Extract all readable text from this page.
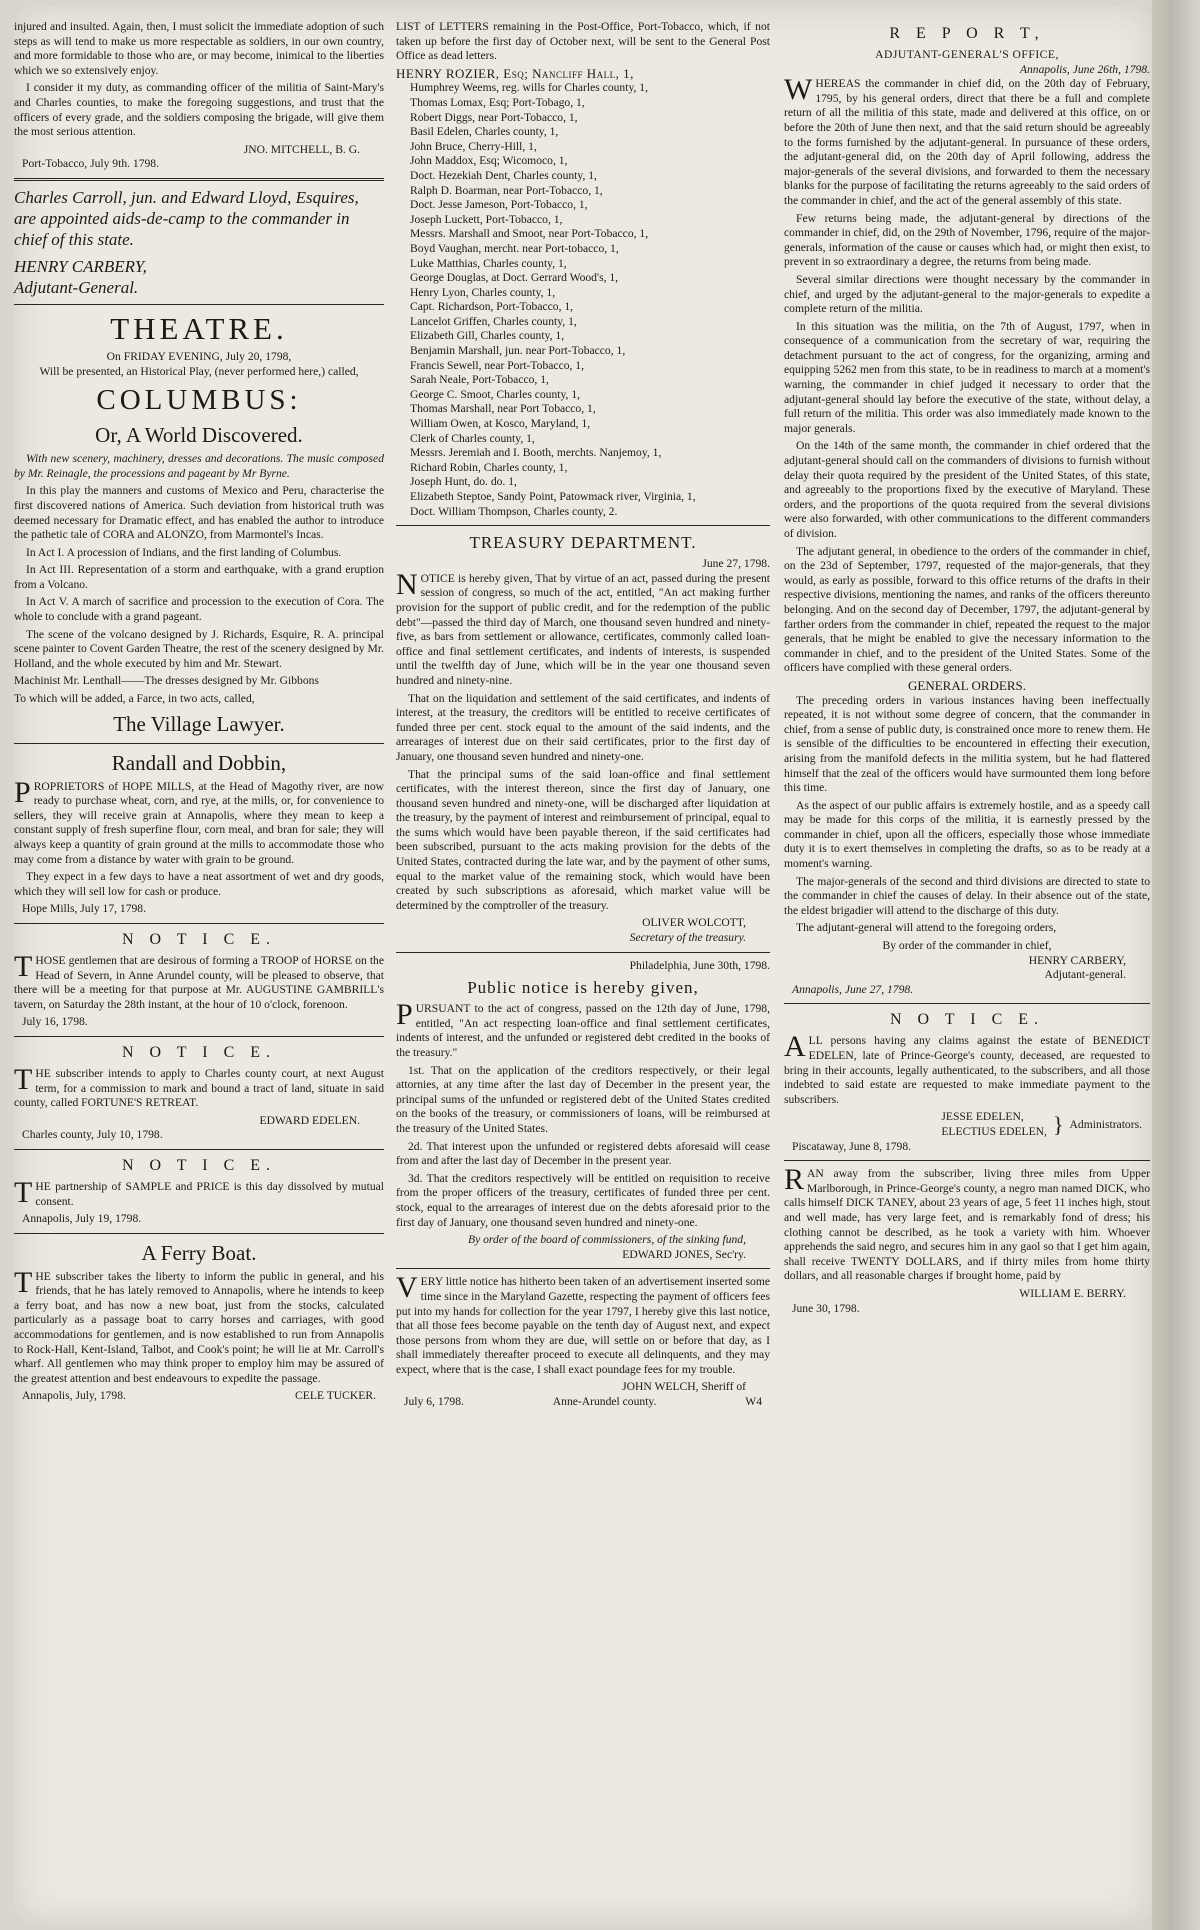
injured and insulted. Again, then, I must solicit the immediate adoption of such steps as will tend to make us more respectable as soldiers, in our own country, and more formidable to those who are, or may become, inimical to the liberties which we so extensively enjoy.

I consider it my duty, as commanding officer of the militia of Saint-Mary's and Charles counties, to make the foregoing suggestions, and trust that the officers of every grade, and the soldiers composing the brigade, will give them the most serious attention.

JNO. MITCHELL, B. G.
Port-Tobacco, July 9th. 1798.
Charles Carroll, jun. and Edward Lloyd, Esquires, are appointed aids-de-camp to the commander in chief of this state.
HENRY CARBERY,
Adjutant-General.
THEATRE.
On FRIDAY EVENING, July 20, 1798,
Will be presented, an Historical Play, (never performed here,) called,
COLUMBUS:
Or, A World Discovered.

With new scenery, machinery, dresses and decorations. The music composed by Mr. Reinagle, the processions and pageant by Mr Byrne.

In this play the manners and customs of Mexico and Peru, characterise the first discovered nations of America. Such deviation from historical truth was deemed necessary for Dramatic effect, and has enabled the author to introduce the pathetic tale of CORA and ALONZO, from Marmontel's Incas.

In Act I. A procession of Indians, and the first landing of Columbus.

In Act III. Representation of a storm and earthquake, with a grand eruption from a Volcano.

In Act V. A march of sacrifice and procession to the execution of Cora. The whole to conclude with a grand pageant.

The scene of the volcano designed by J. Richards, Esquire, R. A. principal scene painter to Covent Garden Theatre, the rest of the scenery designed by Mr. Holland, and the whole executed by him and Mr. Stewart.

Machinist Mr. Lenthall——The dresses designed by Mr. Gibbons

To which will be added, a Farce, in two acts, called,

The Village Lawyer.
Randall and Dobbin,

PROPRIETORS of HOPE MILLS, at the Head of Magothy river, are now ready to purchase wheat, corn, and rye, at the mills, or, for convenience to sellers, they will receive grain at Annapolis, where they mean to keep a constant supply of fresh superfine flour, corn meal, and bran for sale; they will always keep a quantity of grain ground at the mills to accommodate those who may come from a distance by water with grain to be ground.

They expect in a few days to have a neat assortment of wet and dry goods, which they will sell low for cash or produce.

Hope Mills, July 17, 1798.
N O T I C E.

THOSE gentlemen that are desirous of forming a TROOP of HORSE on the Head of Severn, in Anne Arundel county, will be pleased to observe, that there will be a meeting for that purpose at Mr. AUGUSTINE GAMBRILL's tavern, on Saturday the 28th instant, at the hour of 10 o'clock, forenoon.

July 16, 1798.
N O T I C E.

THE subscriber intends to apply to Charles county court, at next August term, for a commission to mark and bound a tract of land, situate in said county, called FORTUNE'S RETREAT.

EDWARD EDELEN.
Charles county, July 10, 1798.
N O T I C E.

THE partnership of SAMPLE and PRICE is this day dissolved by mutual consent.

Annapolis, July 19, 1798.
A Ferry Boat.

THE subscriber takes the liberty to inform the public in general, and his friends, that he has lately removed to Annapolis, where he intends to keep a ferry boat, and has now a new boat, just from the stocks, calculated particularly as a passage boat to carry horses and carriages, with good accommodations for gentlemen, and is now established to run from Annapolis to Rock-Hall, Kent-Island, Talbot, and Cook's point; he will lie at Mr. Carroll's wharf. All gentlemen who may think proper to employ him may be assured of the greatest attention and best endeavours to expedite the passage.

Annapolis, July, 1798.	CELE TUCKER.

LIST of LETTERS remaining in the Post-Office, Port-Tobacco, which, if not taken up before the first day of October next, will be sent to the General Post Office as dead letters.

HENRY ROZIER, Esq; Nancliff Hall, 1,
Humphrey Weems, reg. wills for Charles county, 1,
Thomas Lomax, Esq; Port-Tobago, 1,
Robert Diggs, near Port-Tobacco, 1,
Basil Edelen, Charles county, 1,
John Bruce, Cherry-Hill, 1,
John Maddox, Esq; Wicomoco, 1,
Doct. Hezekiah Dent, Charles county, 1,
Ralph D. Boarman, near Port-Tobacco, 1,
Doct. Jesse Jameson, Port-Tobacco, 1,
Joseph Luckett, Port-Tobacco, 1,
Messrs. Marshall and Smoot, near Port-Tobacco, 1,
Boyd Vaughan, mercht. near Port-tobacco, 1,
Luke Matthias, Charles county, 1,
George Douglas, at Doct. Gerrard Wood's, 1,
Henry Lyon, Charles county, 1,
Capt. Richardson, Port-Tobacco, 1,
Lancelot Griffen, Charles county, 1,
Elizabeth Gill, Charles county, 1,
Benjamin Marshall, jun. near Port-Tobacco, 1,
Francis Sewell, near Port-Tobacco, 1,
Sarah Neale, Port-Tobacco, 1,
George C. Smoot, Charles county, 1,
Thomas Marshall, near Port Tobacco, 1,
William Owen, at Kosco, Maryland, 1,
Clerk of Charles county, 1,
Messrs. Jeremiah and I. Booth, merchts. Nanjemoy, 1,
Richard Robin, Charles county, 1,
Joseph Hunt, do. do. 1,
Elizabeth Steptoe, Sandy Point, Patowmack river, Virginia, 1,
Doct. William Thompson, Charles county, 2.
TREASURY DEPARTMENT.
June 27, 1798.

NOTICE is hereby given, That by virtue of an act, passed during the present session of congress, so much of the act, entitled, "An act making further provision for the support of public credit, and for the redemption of the public debt"—passed the third day of March, one thousand seven hundred and ninety-five, as bars from settlement or allowance, certificates, commonly called loan-office and final settlement certificates, and indents of interests, is suspended until the twelfth day of June, which will be in the year one thousand seven hundred and ninety-nine.

That on the liquidation and settlement of the said certificates, and indents of interest, at the treasury, the creditors will be entitled to receive certificates of funded three per cent. stock equal to the amount of the said indents, and the arrearages of interest due on their said certificates, prior to the first day of January, one thousand seven hundred and ninety-one.

That the principal sums of the said loan-office and final settlement certificates, with the interest thereon, since the first day of January, one thousand seven hundred and ninety-one, will be discharged after liquidation at the treasury, by the payment of interest and reimbursement of principal, equal to the sums which would have been payable thereon, if the said certificates had been subscribed, pursuant to the acts making provision for the debts of the United States, contracted during the late war, and by the payment of other sums, equal to the market value of the remaining stock, which would have been created by such subscriptions as aforesaid, which market value will be determined by the comptroller of the treasury.

OLIVER WOLCOTT,
Secretary of the treasury.
Philadelphia, June 30th, 1798.
Public notice is hereby given,

PURSUANT to the act of congress, passed on the 12th day of June, 1798, entitled, "An act respecting loan-office and final settlement certificates, indents of interest, and the unfunded or registered debt credited in the books of the treasury."

1st. That on the application of the creditors respectively, or their legal attornies, at any time after the last day of December in the present year, the principal sums of the unfunded or registered debt of the United States credited on the books of the treasury, or commissioners of loans, will be reimbursed at the treasury of the United States.

2d. That interest upon the unfunded or registered debts aforesaid will cease from and after the last day of December in the present year.

3d. That the creditors respectively will be entitled on requisition to receive from the proper officers of the treasury, certificates of funded three per cent. stock, equal to the arrearages of interest due on the debts aforesaid prior to the first day of January, one thousand seven hundred and ninety-one.

By order of the board of commissioners, of the sinking fund,
EDWARD JONES, Sec'ry.

VERY little notice has hitherto been taken of an advertisement inserted some time since in the Maryland Gazette, respecting the payment of officers fees put into my hands for collection for the year 1797, I hereby give this last notice, that all those fees become payable on the tenth day of August next, and expect those persons from whom they are due, will settle on or before that day, as I shall immediately thereafter proceed to execute all delinquents, and they may expect, where that is the case, I shall exact poundage fees for my trouble.

JOHN WELCH, Sheriff of
July 6, 1798.	Anne-Arundel county.	W4
R E P O R T,
ADJUTANT-GENERAL'S OFFICE,
Annapolis, June 26th, 1798.

WHEREAS the commander in chief did, on the 20th day of February, 1795, by his general orders, direct that there be a full and complete return of all the militia of this state, made and delivered at this office, on or before the 20th of June then next, and that the said return should be agreeably to the forms furnished by the adjutant-general. In pursuance of these orders, the adjutant-general did, on the 20th day of April following, address the major-generals of the several divisions, and forwarded to them the necessary blanks for the purpose of facilitating the returns agreeably to the said orders of the commander in chief, and the act of the general assembly of this state.

Few returns being made, the adjutant-general by directions of the commander in chief, did, on the 29th of November, 1796, require of the major-generals, information of the cause or causes which had, or might then exist, to prevent in so extraordinary a degree, the returns from being made.

Several similar directions were thought necessary by the commander in chief, and urged by the adjutant-general to the major-generals to expedite a complete return of the militia.

In this situation was the militia, on the 7th of August, 1797, when in consequence of a communication from the secretary of war, requiring the detachment pursuant to the act of congress, for the organizing, arming and equipping 5262 men from this state, to be in readiness to march at a moment's warning, the commander in chief judged it necessary to order that the adjutant-general should lay before the executive of the state, without delay, a full return of the militia. This order was also immediately made known to the major generals.

On the 14th of the same month, the commander in chief ordered that the adjutant-general should call on the commanders of divisions to furnish without delay their quota required by the president of the United States, of this state, and agreeably to the proportions fixed by the executive of Maryland. These orders, and the proportions of the quota required from the several divisions were also forwarded, with other communications to the different commanders of division.

The adjutant general, in obedience to the orders of the commander in chief, on the 23d of September, 1797, requested of the major-generals, that they would, as early as possible, forward to this office returns of the drafts in their respective divisions, mentioning the names, and ranks of the officers thereunto belonging. And on the second day of December, 1797, the adjutant-general by farther orders from the commander in chief, repeated the request to the major generals, that he might be enabled to give the necessary information to the commander in chief, and to the president of the United States. Some of the officers have complied with these general orders.

GENERAL ORDERS.

The preceding orders in various instances having been ineffectually repeated, it is not without some degree of concern, that the commander in chief, from a sense of public duty, is constrained once more to renew them. He is sensible of the difficulties to be encountered in effecting their execution, arising from the manifold defects in the militia system, but he had flattered himself that the zeal of the officers would have surmounted them long before this time.

As the aspect of our public affairs is extremely hostile, and as a speedy call may be made for this corps of the militia, it is earnestly pressed by the commander in chief, upon all the officers, especially those whose immediate duty it is to exert themselves in completing the drafts, so as to be ready at a moment's warning.

The major-generals of the second and third divisions are directed to state to the commander in chief the causes of delay. In their absence out of the state, the eldest brigadier will attend to the discharge of this duty.

The adjutant-general will attend to the foregoing orders,

By order of the commander in chief,
HENRY CARBERY,
Adjutant-general.
Annapolis, June 27, 1798.
N O T I C E.

ALL persons having any claims against the estate of BENEDICT EDELEN, late of Prince-George's county, deceased, are requested to bring in their accounts, legally authenticated, to the subscribers, and all those indebted to said estate are requested to make immediate payment to the subscribers.

JESSE EDELEN,
ELECTIUS EDELEN, } Administrators.
Piscataway, June 8, 1798.

RAN away from the subscriber, living three miles from Upper Marlborough, in Prince-George's county, a negro man named DICK, who calls himself DICK TANEY, about 23 years of age, 5 feet 11 inches high, stout and well made, has very large feet, and is remarkably fond of dress; his clothing cannot be described, as he took a variety with him. Whoever apprehends the said negro, and secures him in any gaol so that I get him again, shall receive TWENTY DOLLARS, and if thirty miles from home thirty dollars, and all reasonable charges if brought home, paid by

WILLIAM E. BERRY.
June 30, 1798.
